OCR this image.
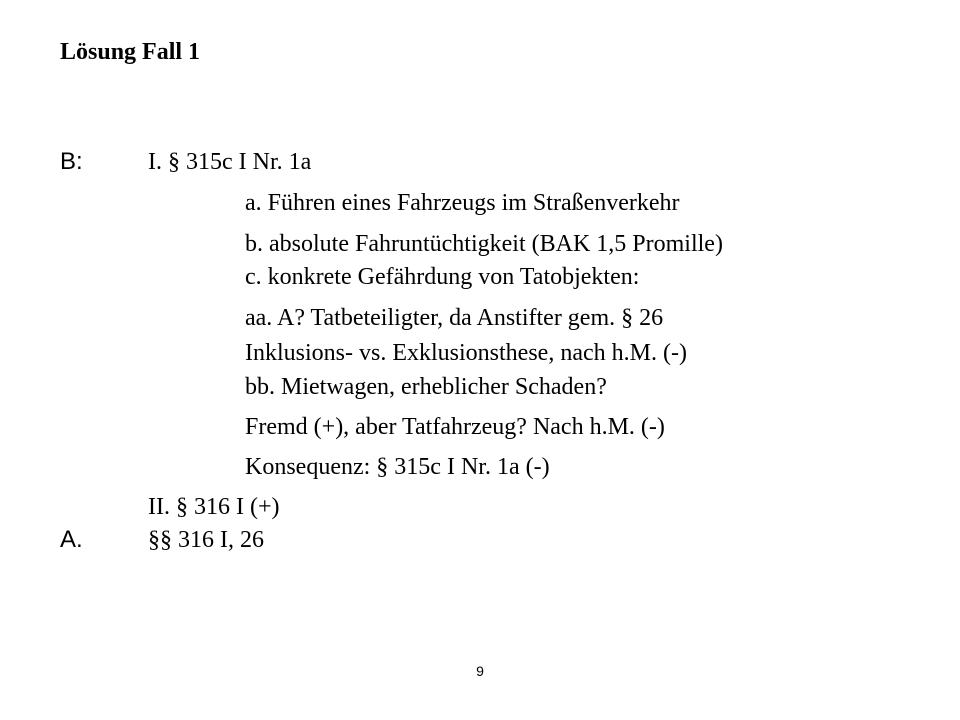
Lösung Fall 1
B:	I. § 315c I Nr. 1a
a. Führen eines Fahrzeugs im Straßenverkehr
b. absolute Fahruntüchtigkeit (BAK 1,5 Promille)
c. konkrete Gefährdung von Tatobjekten:
aa. A? Tatbeteiligter, da Anstifter gem. § 26
Inklusions- vs. Exklusionsthese, nach h.M. (-)
bb. Mietwagen, erheblicher Schaden?
Fremd (+), aber Tatfahrzeug? Nach h.M. (-)
Konsequenz: § 315c I Nr. 1a (-)
II. § 316 I (+)
A.	§§ 316 I, 26
9
